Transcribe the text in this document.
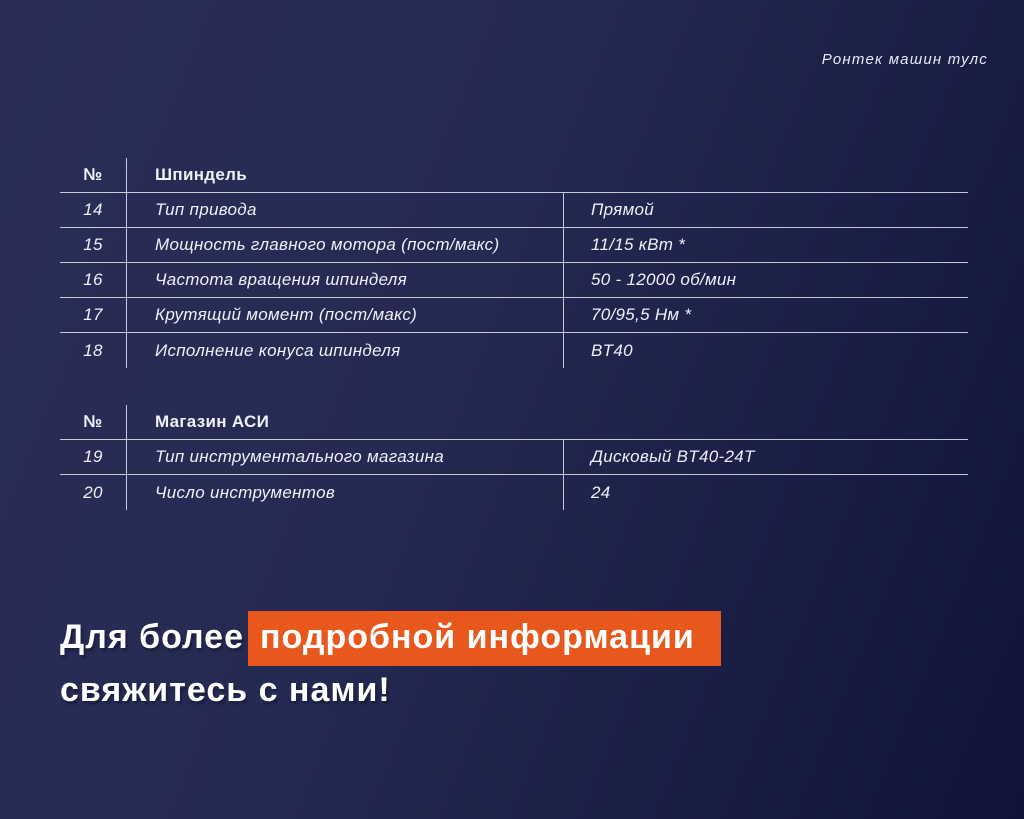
Ронтек машин тулс
№	Шпиндель
14	Тип привода	Прямой
15	Мощность главного мотора (пост/макс)	11/15 кВт *
16	Частота вращения шпинделя	50 - 12000 об/мин
17	Крутящий момент (пост/макс)	70/95,5 Нм *
18	Исполнение конуса шпинделя	BT40
№	Магазин АСИ
19	Тип инструментального магазина	Дисковый BT40-24T
20	Число инструментов	24
Для более подробной информации
свяжитесь с нами!
